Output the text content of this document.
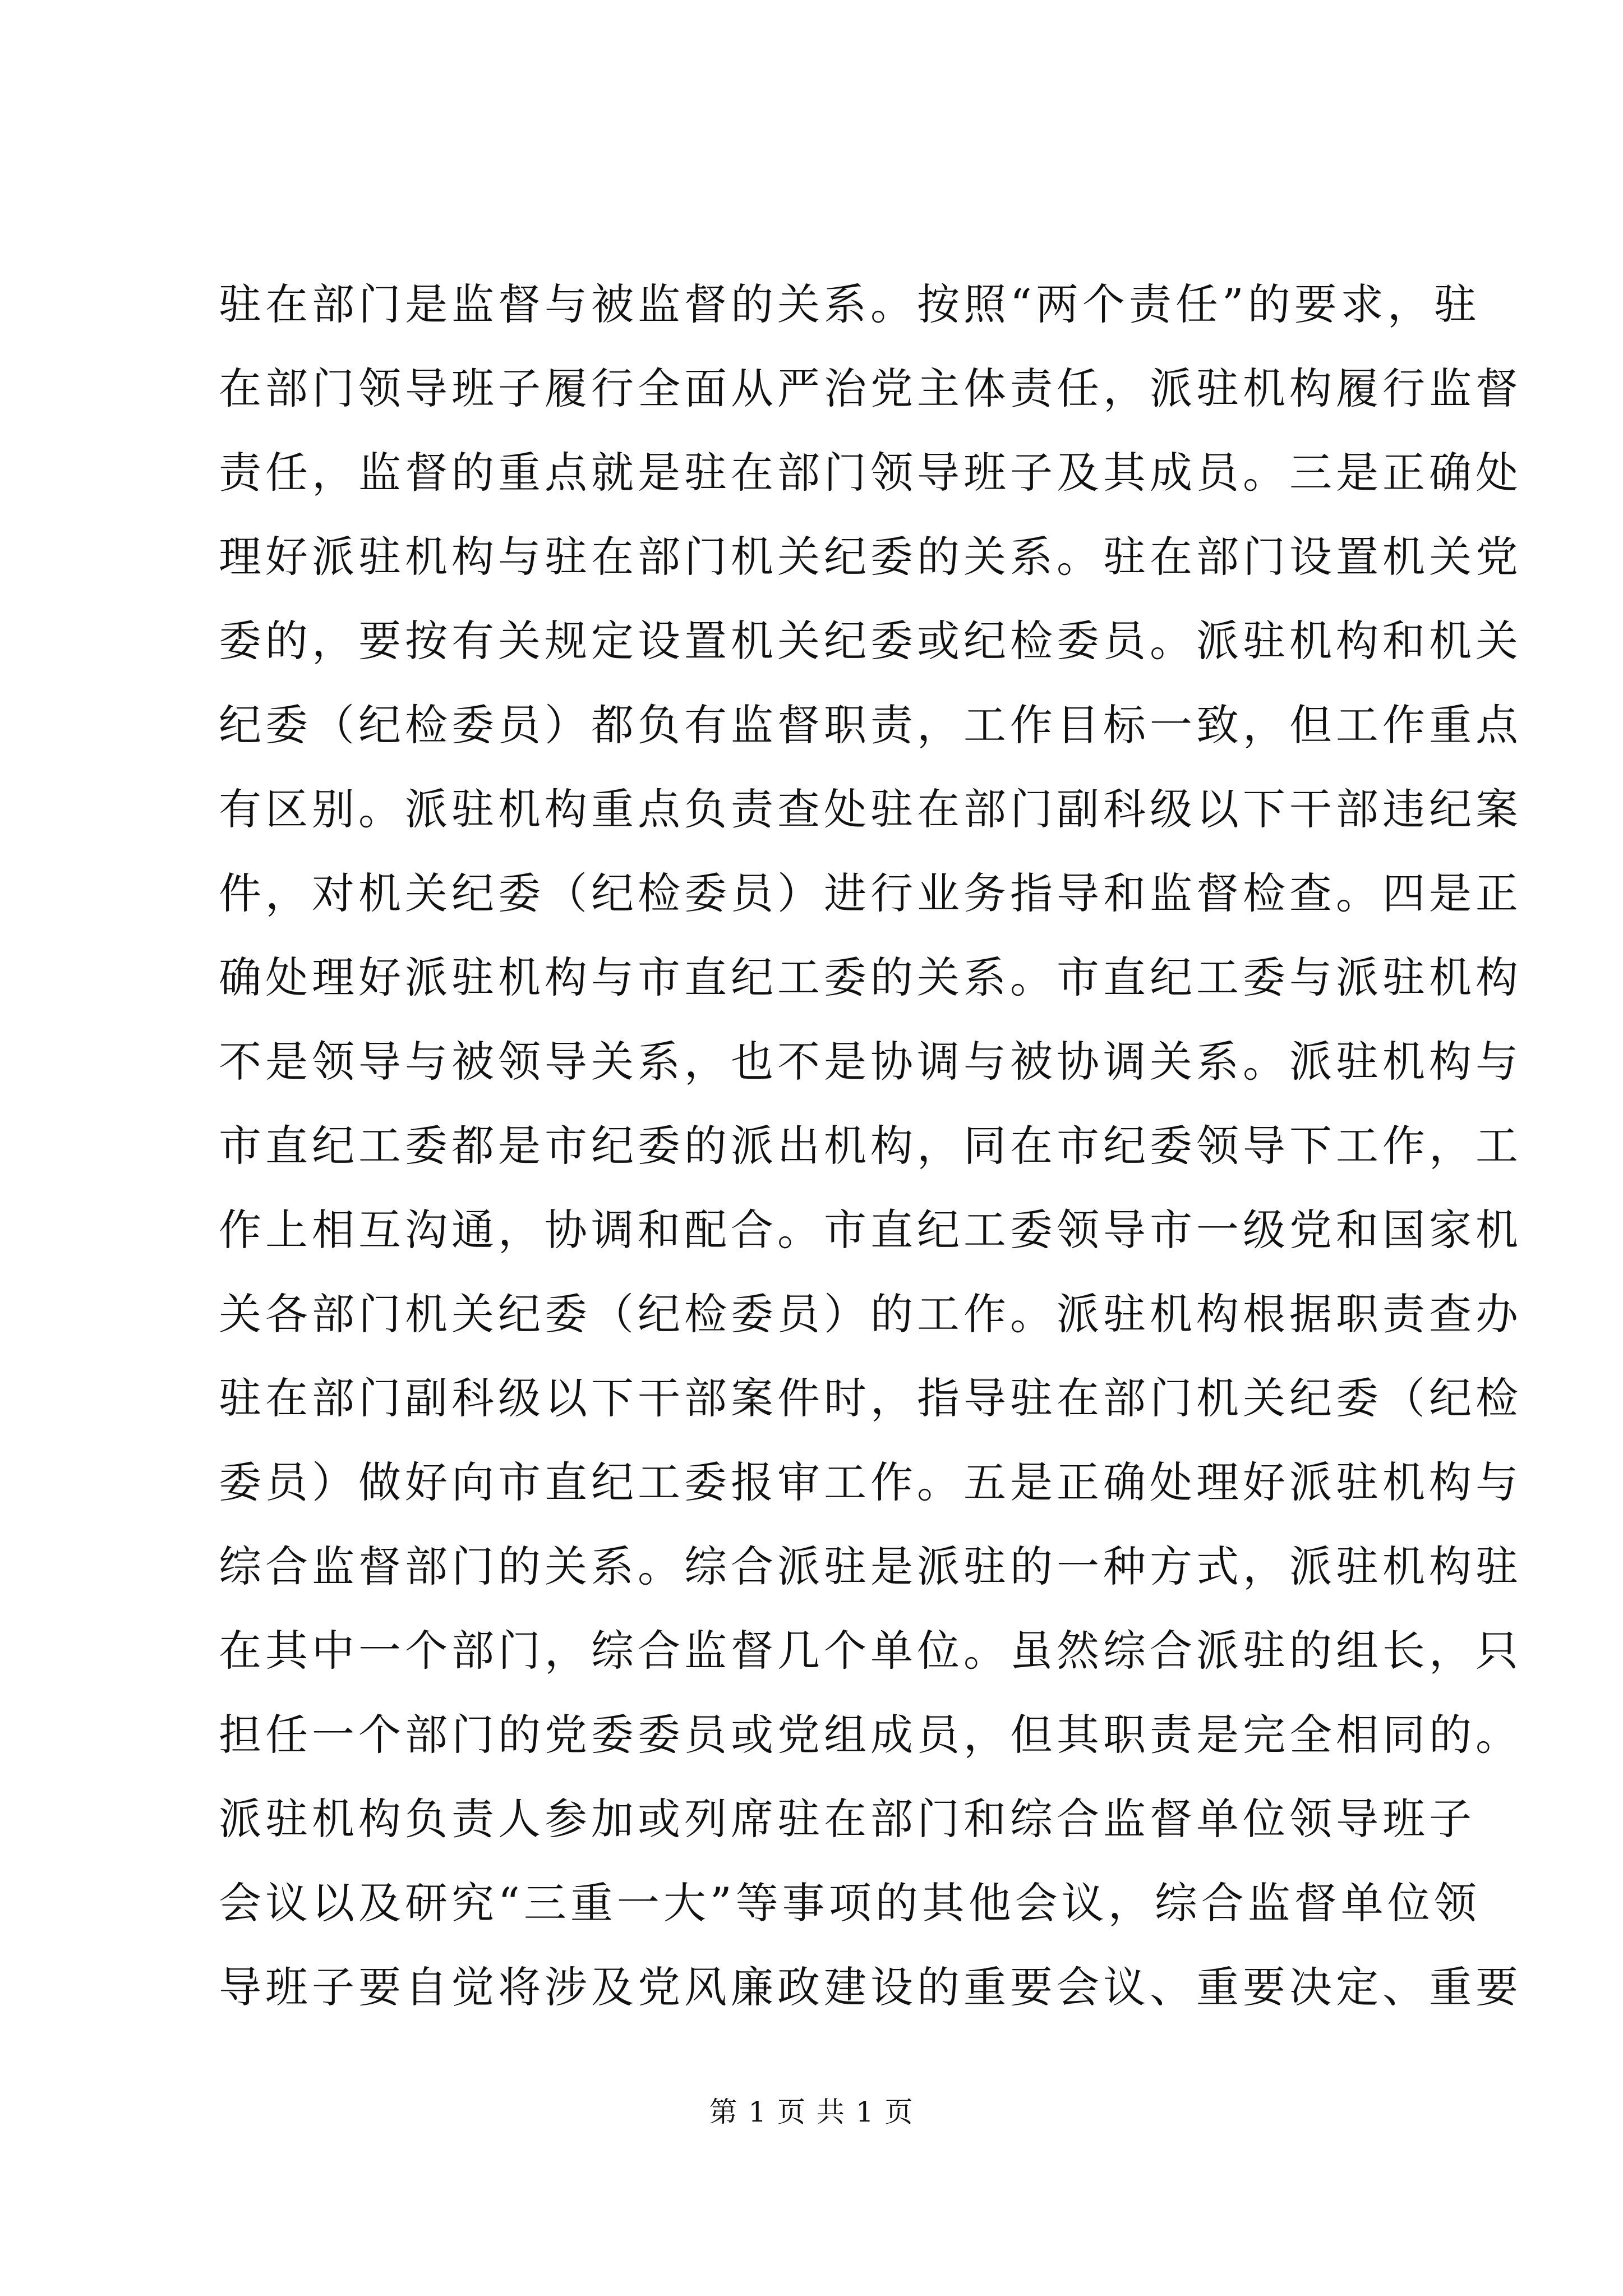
驻在部门是监督与被监督的关系。按照“两个责任”的要求，驻
在部门领导班子履行全面从严治党主体责任，派驻机构履行监督
责任，监督的重点就是驻在部门领导班子及其成员。三是正确处
理好派驻机构与驻在部门机关纪委的关系。驻在部门设置机关党
委的，要按有关规定设置机关纪委或纪检委员。派驻机构和机关
纪委（纪检委员）都负有监督职责，工作目标一致，但工作重点
有区别。派驻机构重点负责查处驻在部门副科级以下干部违纪案
件，对机关纪委（纪检委员）进行业务指导和监督检查。四是正
确处理好派驻机构与市直纪工委的关系。市直纪工委与派驻机构
不是领导与被领导关系，也不是协调与被协调关系。派驻机构与
市直纪工委都是市纪委的派出机构，同在市纪委领导下工作，工
作上相互沟通，协调和配合。市直纪工委领导市一级党和国家机
关各部门机关纪委（纪检委员）的工作。派驻机构根据职责查办
驻在部门副科级以下干部案件时，指导驻在部门机关纪委（纪检
委员）做好向市直纪工委报审工作。五是正确处理好派驻机构与
综合监督部门的关系。综合派驻是派驻的一种方式，派驻机构驻
在其中一个部门，综合监督几个单位。虽然综合派驻的组长，只
担任一个部门的党委委员或党组成员，但其职责是完全相同的。
派驻机构负责人参加或列席驻在部门和综合监督单位领导班子
会议以及研究“三重一大”等事项的其他会议，综合监督单位领
导班子要自觉将涉及党风廉政建设的重要会议、重要决定、重要
第 1 页 共 1 页
